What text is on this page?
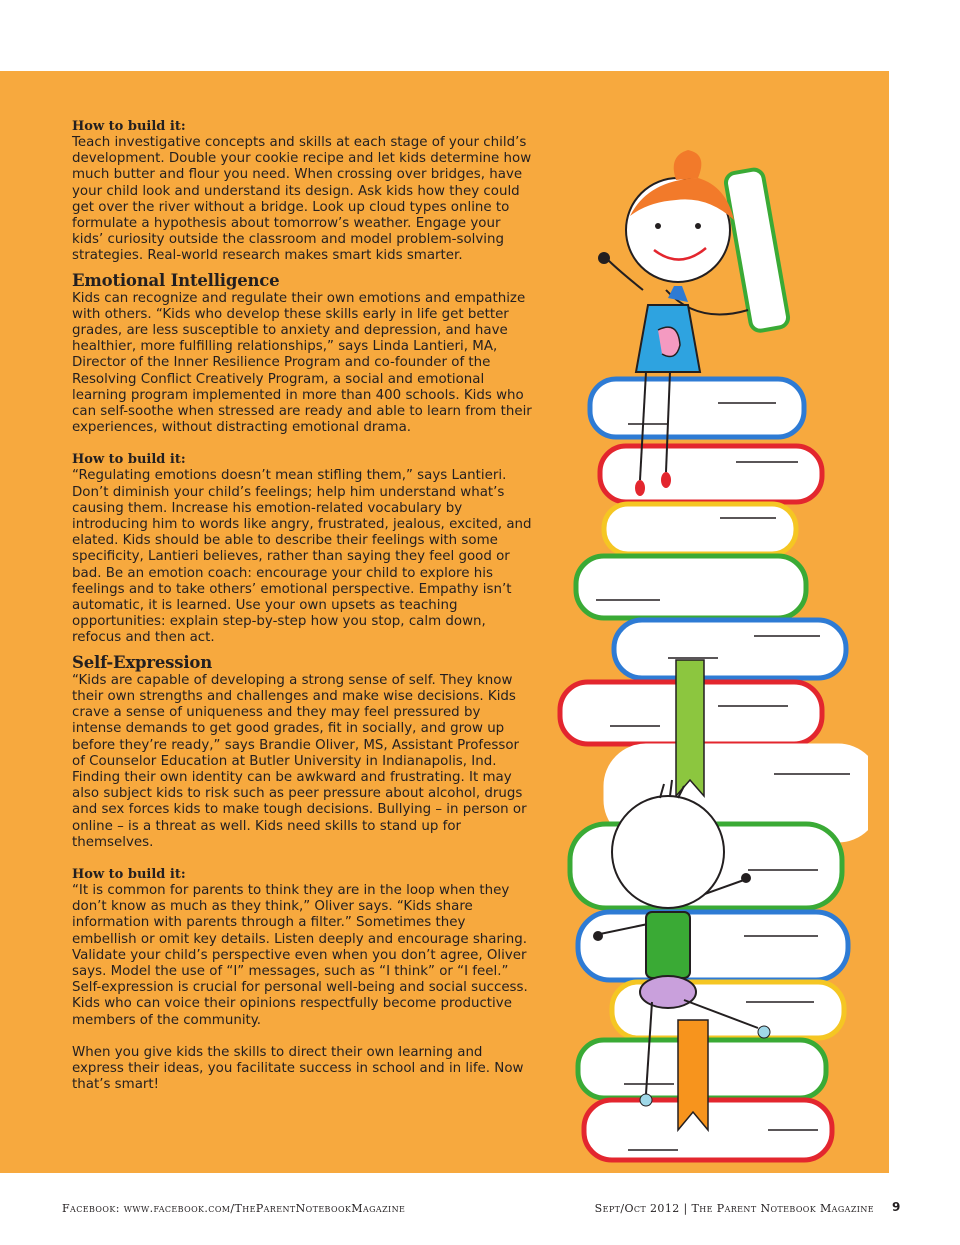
How to build it:

Teach investigative concepts and skills at each stage of your child’s development. Double your cookie recipe and let kids determine how much butter and flour you need. When crossing over bridges, have your child look and understand its design. Ask kids how they could get over the river without a bridge. Look up cloud types online to formulate a hypothesis about tomorrow’s weather. Engage your kids’ curiosity outside the classroom and model problem-solving strategies. Real-world research makes smart kids smarter.

Emotional Intelligence

Kids can recognize and regulate their own emotions and empathize with others. “Kids who develop these skills early in life get better grades, are less susceptible to anxiety and depression, and have healthier, more fulfilling relationships,” says Linda Lantieri, MA, Director of the Inner Resilience Program and co-founder of the Resolving Conflict Creatively Program, a social and emotional learning program implemented in more than 400 schools. Kids who can self-soothe when stressed are ready and able to learn from their experiences, without distracting emotional drama.

How to build it:

“Regulating emotions doesn’t mean stifling them,” says Lantieri. Don’t diminish your child’s feelings; help him understand what’s causing them. Increase his emotion-related vocabulary by introducing him to words like angry, frustrated, jealous, excited, and elated. Kids should be able to describe their feelings with some specificity, Lantieri believes, rather than saying they feel good or bad. Be an emotion coach: encourage your child to explore his feelings and to take others’ emotional perspective. Empathy isn’t automatic, it is learned. Use your own upsets as teaching opportunities: explain step-by-step how you stop, calm down, refocus and then act.

Self-Expression

“Kids are capable of developing a strong sense of self. They know their own strengths and challenges and make wise decisions. Kids crave a sense of uniqueness and they may feel pressured by intense demands to get good grades, fit in socially, and grow up before they’re ready,” says Brandie Oliver, MS, Assistant Professor of Counselor Education at Butler University in Indianapolis, Ind. Finding their own identity can be awkward and frustrating. It may also subject kids to risk such as peer pressure about alcohol, drugs and sex forces kids to make tough decisions. Bullying – in person or online – is a threat as well. Kids need skills to stand up for themselves.

How to build it:

“It is common for parents to think they are in the loop when they don’t know as much as they think,” Oliver says. “Kids share information with parents through a filter.” Sometimes they embellish or omit key details. Listen deeply and encourage sharing. Validate your child’s perspective even when you don’t agree, Oliver says. Model the use of “I” messages, such as “I think” or “I feel.” Self-expression is crucial for personal well-being and social success. Kids who can voice their opinions respectfully become productive members of the community.

When you give kids the skills to direct their own learning and express their ideas, you facilitate success in school and in life. Now that’s smart!

Facebook: www.facebook.com/TheParentNotebookMagazine	Sept/Oct 2012 | The Parent Notebook Magazine 9
